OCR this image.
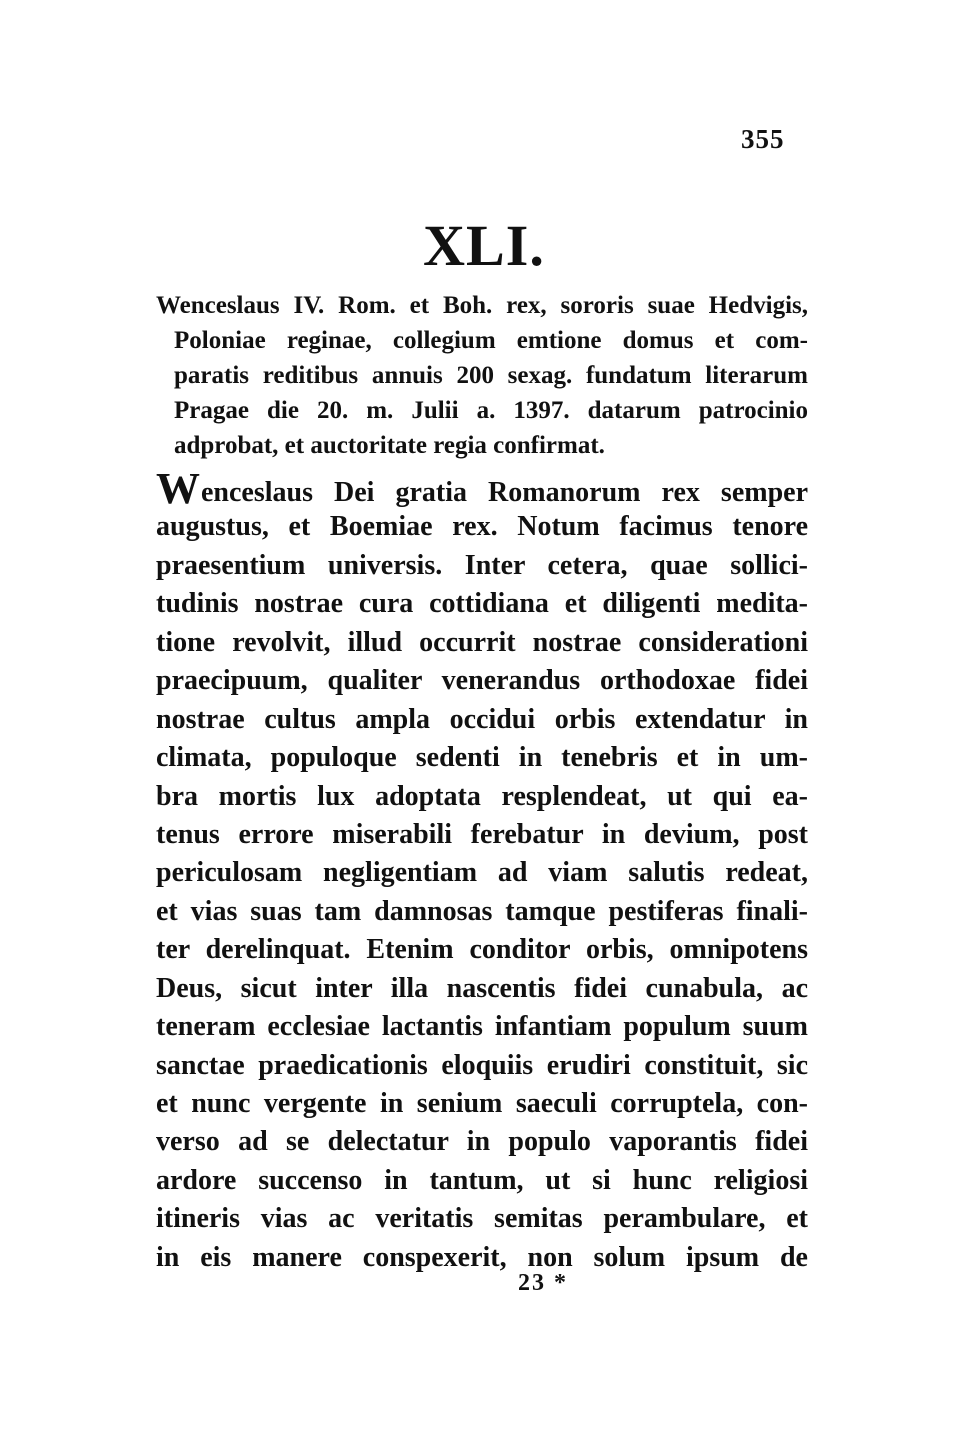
355
XLI.
Wenceslaus IV. Rom. et Boh. rex, sororis suae Hedvigis,
Poloniae reginae, collegium emtione domus et com-
paratis reditibus annuis 200 sexag. fundatum literarum
Pragae die 20. m. Julii a. 1397. datarum patrocinio
adprobat, et auctoritate regia confirmat.
Wenceslaus Dei gratia Romanorum rex semper
augustus, et Boemiae rex. Notum facimus tenore
praesentium universis. Inter cetera, quae sollici-
tudinis nostrae cura cottidiana et diligenti medita-
tione revolvit, illud occurrit nostrae considerationi
praecipuum, qualiter venerandus orthodoxae fidei
nostrae cultus ampla occidui orbis extendatur in
climata, populoque sedenti in tenebris et in um-
bra mortis lux adoptata resplendeat, ut qui ea-
tenus errore miserabili ferebatur in devium, post
periculosam negligentiam ad viam salutis redeat,
et vias suas tam damnosas tamque pestiferas finali-
ter derelinquat. Etenim conditor orbis, omnipotens
Deus, sicut inter illa nascentis fidei cunabula, ac
teneram ecclesiae lactantis infantiam populum suum
sanctae praedicationis eloquiis erudiri constituit, sic
et nunc vergente in senium saeculi corruptela, con-
verso ad se delectatur in populo vaporantis fidei
ardore succenso in tantum, ut si hunc religiosi
itineris vias ac veritatis semitas perambulare, et
in eis manere conspexerit, non solum ipsum de
23 *
